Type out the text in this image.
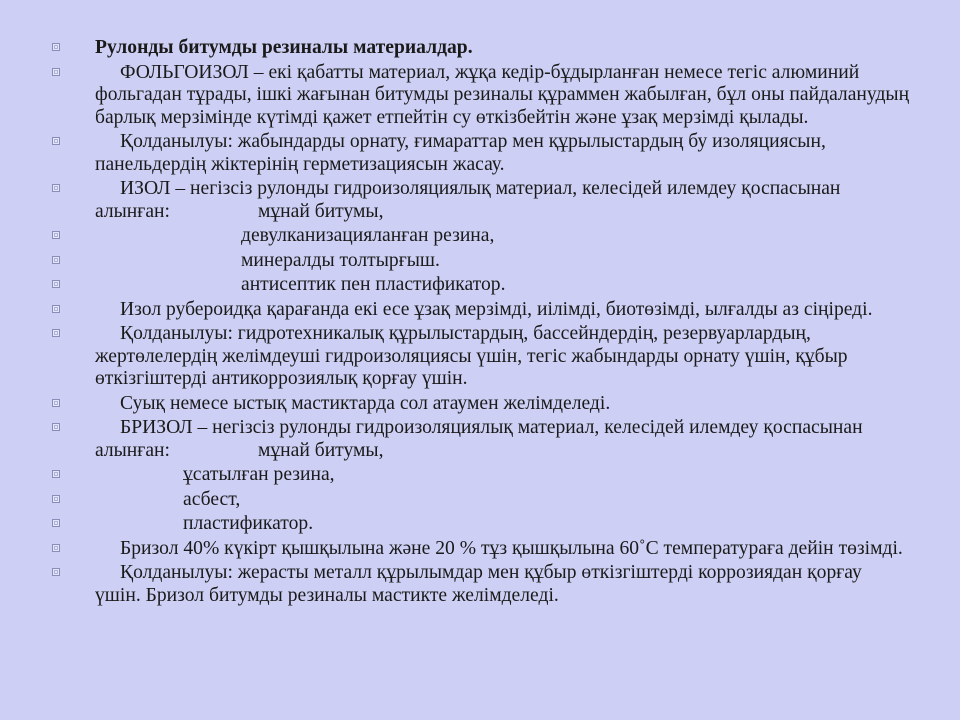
Рулонды битумды резиналы материалдар.
ФОЛЬГОИЗОЛ – екі қабатты материал, жұқа кедір-бұдырланған немесе тегіс алюминий фольгадан тұрады, ішкі жағынан битумды резиналы құраммен жабылған, бұл оны пайдаланудың барлық мерзімінде күтімді қажет етпейтін су өткізбейтін және ұзақ мерзімді қылады.
Қолданылуы: жабындарды орнату, ғимараттар мен құрылыстардың бу изоляциясын, панельдердің жіктерінің герметизациясын жасау.
ИЗОЛ – негізсіз рулонды гидроизоляциялық материал, келесідей илемдеу қоспасынан алынған:	мұнай битумы,
девулканизацияланған резина,
минералды толтырғыш.
антисептик пен пластификатор.
Изол рубероидқа қарағанда екі есе ұзақ мерзімді, иілімді, биотөзімді, ылғалды аз сіңіреді.
Қолданылуы: гидротехникалық құрылыстардың, бассейндердің, резервуарлардың, жертөлелердің желімдеуші гидроизоляциясы үшін, тегіс жабындарды орнату үшін, құбыр өткізгіштерді антикоррозиялық қорғау үшін.
Суық немесе ыстық мастиктарда сол атаумен желімделеді.
БРИЗОЛ – негізсіз рулонды гидроизоляциялық материал, келесідей илемдеу қоспасынан алынған:	мұнай битумы,
ұсатылған резина,
асбест,
пластификатор.
Бризол 40% күкірт қышқылына және 20 % тұз қышқылына 60˚С температураға дейін төзімді.
Қолданылуы: жерасты металл құрылымдар мен құбыр өткізгіштерді коррозиядан қорғау үшін. Бризол битумды резиналы мастикте желімделеді.
